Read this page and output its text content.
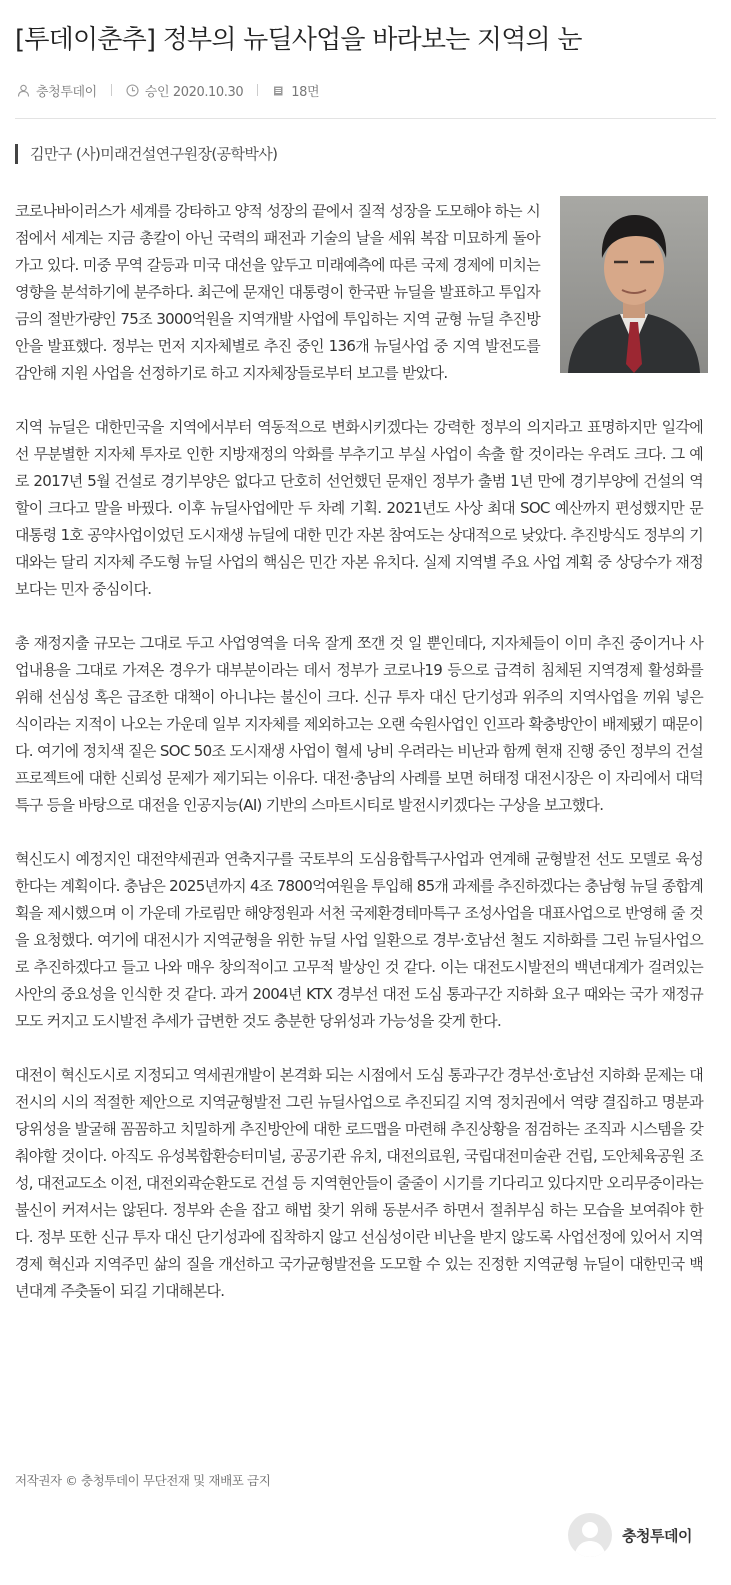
[투데이춘추] 정부의 뉴딜사업을 바라보는 지역의 눈
충청투데이	승인 2020.10.30	18면
김만구 (사)미래건설연구원장(공학박사)

코로나바이러스가 세계를 강타하고 양적 성장의 끝에서 질적 성장을 도모해야 하는 시점에서 세계는 지금 총칼이 아닌 국력의 패전과 기술의 날을 세워 복잡 미묘하게 돌아가고 있다. 미중 무역 갈등과 미국 대선을 앞두고 미래예측에 따른 국제 경제에 미치는 영향을 분석하기에 분주하다. 최근에 문재인 대통령이 한국판 뉴딜을 발표하고 투입자금의 절반가량인 75조 3000억원을 지역개발 사업에 투입하는 지역 균형 뉴딜 추진방안을 발표했다. 정부는 먼저 지자체별로 추진 중인 136개 뉴딜사업 중 지역 발전도를 감안해 지원 사업을 선정하기로 하고 지자체장들로부터 보고를 받았다.

지역 뉴딜은 대한민국을 지역에서부터 역동적으로 변화시키겠다는 강력한 정부의 의지라고 표명하지만 일각에선 무분별한 지자체 투자로 인한 지방재정의 악화를 부추기고 부실 사업이 속출 할 것이라는 우려도 크다. 그 예로 2017년 5월 건설로 경기부양은 없다고 단호히 선언했던 문재인 정부가 출범 1년 만에 경기부양에 건설의 역할이 크다고 말을 바꿨다. 이후 뉴딜사업에만 두 차례 기획. 2021년도 사상 최대 SOC 예산까지 편성했지만 문 대통령 1호 공약사업이었던 도시재생 뉴딜에 대한 민간 자본 참여도는 상대적으로 낮았다. 추진방식도 정부의 기대와는 달리 지자체 주도형 뉴딜 사업의 핵심은 민간 자본 유치다. 실제 지역별 주요 사업 계획 중 상당수가 재정보다는 민자 중심이다.

총 재정지출 규모는 그대로 두고 사업영역을 더욱 잘게 쪼갠 것 일 뿐인데다, 지자체들이 이미 추진 중이거나 사업내용을 그대로 가져온 경우가 대부분이라는 데서 정부가 코로나19 등으로 급격히 침체된 지역경제 활성화를 위해 선심성 혹은 급조한 대책이 아니냐는 불신이 크다. 신규 투자 대신 단기성과 위주의 지역사업을 끼워 넣은 식이라는 지적이 나오는 가운데 일부 지자체를 제외하고는 오랜 숙원사업인 인프라 확충방안이 배제됐기 때문이다. 여기에 정치색 짙은 SOC 50조 도시재생 사업이 혈세 낭비 우려라는 비난과 함께 현재 진행 중인 정부의 건설 프로젝트에 대한 신뢰성 문제가 제기되는 이유다. 대전·충남의 사례를 보면 허태정 대전시장은 이 자리에서 대덕특구 등을 바탕으로 대전을 인공지능(AI) 기반의 스마트시티로 발전시키겠다는 구상을 보고했다.

혁신도시 예정지인 대전약세권과 연축지구를 국토부의 도심융합특구사업과 연계해 균형발전 선도 모델로 육성한다는 계획이다. 충남은 2025년까지 4조 7800억여원을 투입해 85개 과제를 추진하겠다는 충남형 뉴딜 종합계획을 제시했으며 이 가운데 가로림만 해양정원과 서천 국제환경테마특구 조성사업을 대표사업으로 반영해 줄 것을 요청했다. 여기에 대전시가 지역균형을 위한 뉴딜 사업 일환으로 경부·호남선 철도 지하화를 그린 뉴딜사업으로 추진하겠다고 들고 나와 매우 창의적이고 고무적 발상인 것 같다. 이는 대전도시발전의 백년대계가 걸려있는 사안의 중요성을 인식한 것 같다. 과거 2004년 KTX 경부선 대전 도심 통과구간 지하화 요구 때와는 국가 재정규모도 커지고 도시발전 추세가 급변한 것도 충분한 당위성과 가능성을 갖게 한다.

대전이 혁신도시로 지정되고 역세권개발이 본격화 되는 시점에서 도심 통과구간 경부선·호남선 지하화 문제는 대전시의 시의 적절한 제안으로 지역균형발전 그린 뉴딜사업으로 추진되길 지역 정치권에서 역량 결집하고 명분과 당위성을 발굴해 꼼꼼하고 치밀하게 추진방안에 대한 로드맵을 마련해 추진상황을 점검하는 조직과 시스템을 갖춰야할 것이다. 아직도 유성복합환승터미널, 공공기관 유치, 대전의료원, 국립대전미술관 건립, 도안체육공원 조성, 대전교도소 이전, 대전외곽순환도로 건설 등 지역현안들이 줄줄이 시기를 기다리고 있다지만 오리무중이라는 불신이 커져서는 않된다. 정부와 손을 잡고 해법 찾기 위해 동분서주 하면서 절취부심 하는 모습을 보여줘야 한다. 정부 또한 신규 투자 대신 단기성과에 집착하지 않고 선심성이란 비난을 받지 않도록 사업선정에 있어서 지역경제 혁신과 지역주민 삶의 질을 개선하고 국가균형발전을 도모할 수 있는 진정한 지역균형 뉴딜이 대한민국 백년대계 주춧돌이 되길 기대해본다.

저작권자 © 충청투데이 무단전재 및 재배포 금지
충청투데이
